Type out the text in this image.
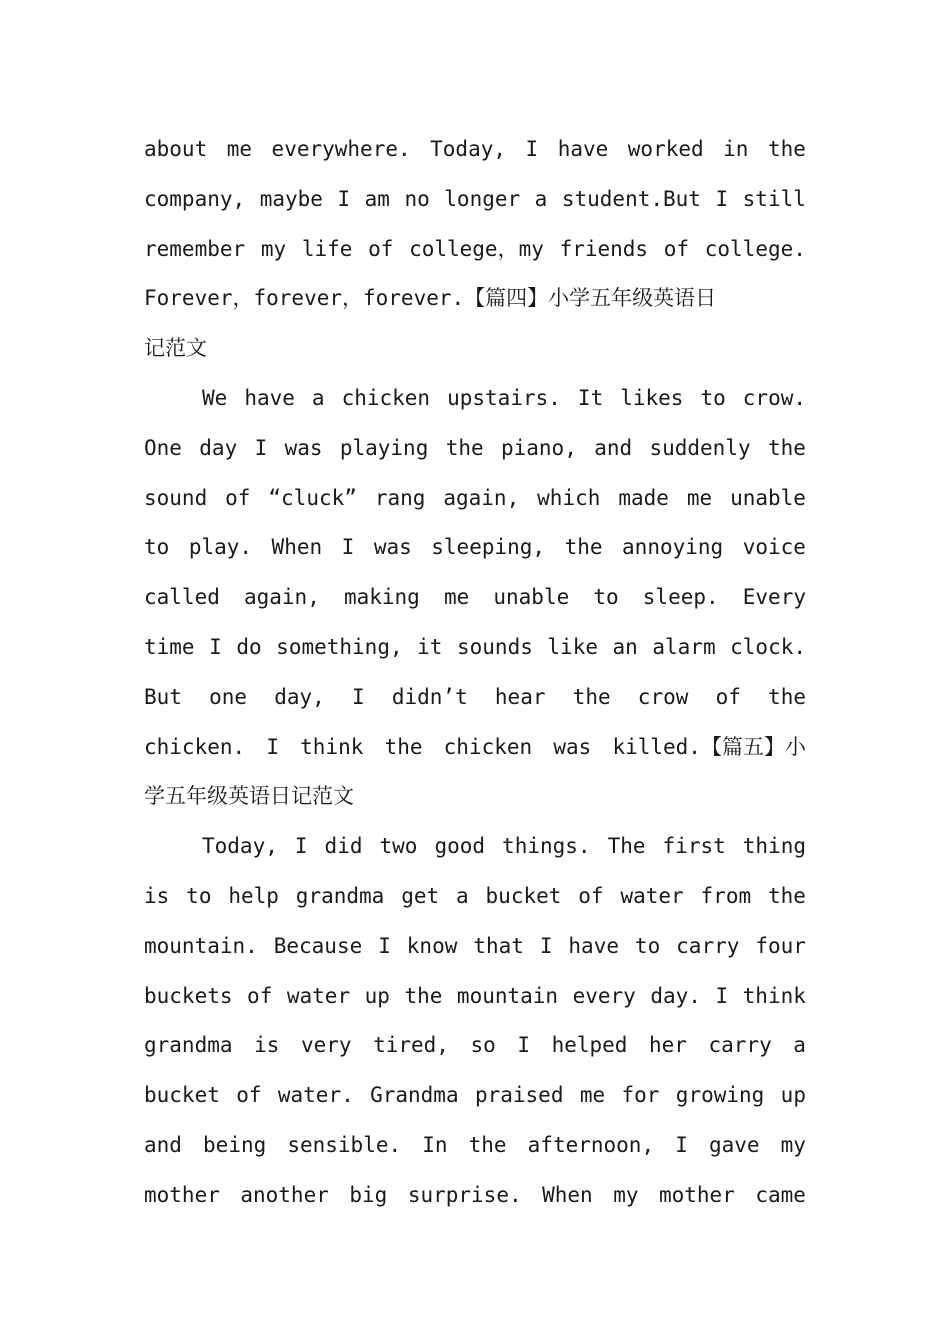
about me everywhere. Today, I have worked in the
company, maybe I am no longer a student.But I still
remember my life of college，my friends of college.
Forever，forever，forever.【篇四】小学五年级英语日
记范文
We have a chicken upstairs. It likes to crow.
One day I was playing the piano, and suddenly the
sound of “cluck” rang again, which made me unable
to play. When I was sleeping, the annoying voice
called again, making me unable to sleep. Every
time I do something, it sounds like an alarm clock.
But one day, I didn’t hear the crow of the
chicken. I think the chicken was killed.【篇五】小
学五年级英语日记范文
Today, I did two good things. The first thing
is to help grandma get a bucket of water from the
mountain. Because I know that I have to carry four
buckets of water up the mountain every day. I think
grandma is very tired, so I helped her carry a
bucket of water. Grandma praised me for growing up
and being sensible. In the afternoon, I gave my
mother another big surprise. When my mother came
